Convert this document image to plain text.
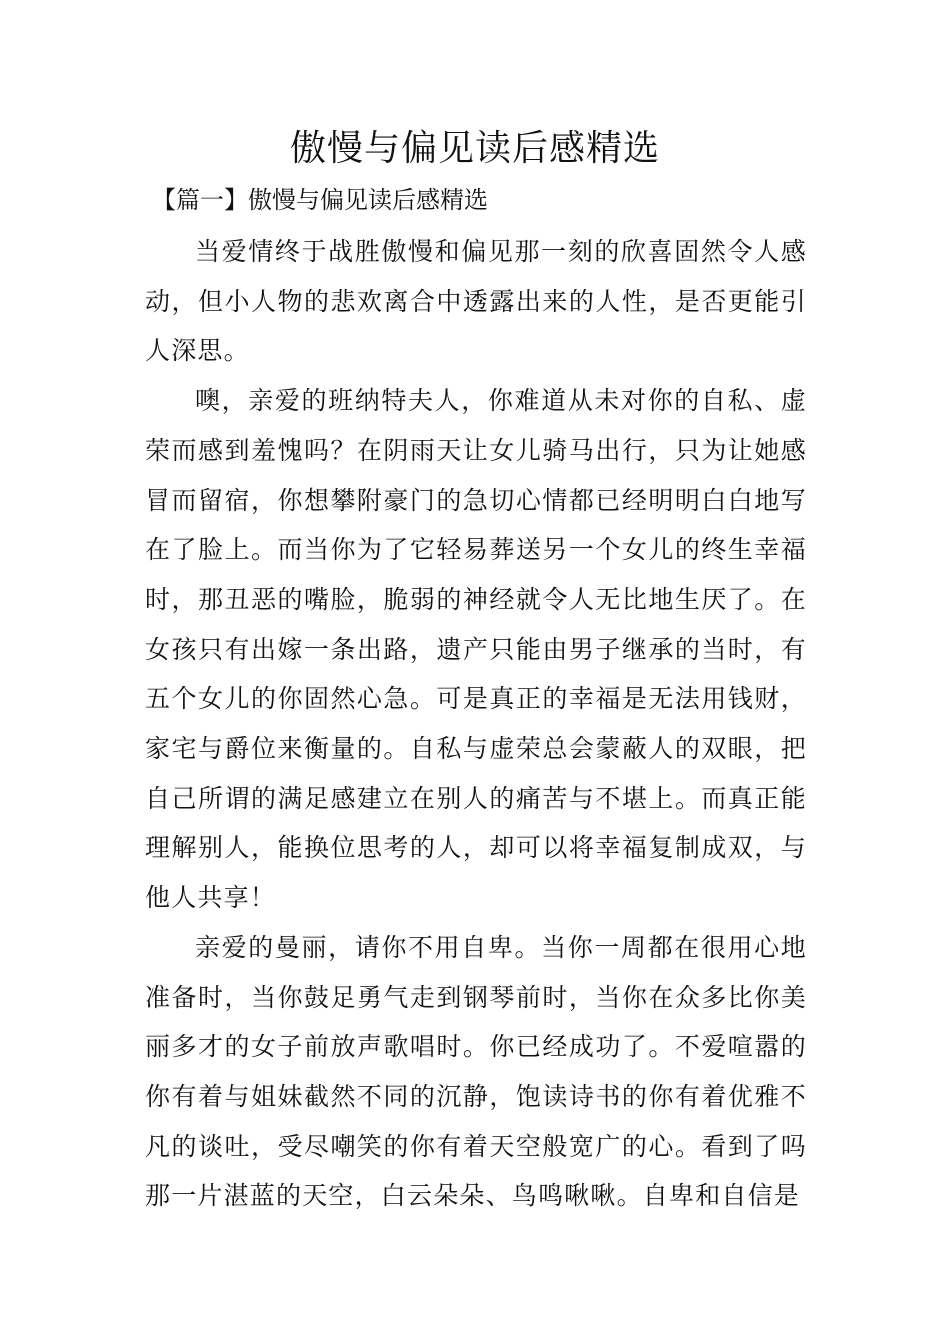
傲慢与偏见读后感精选
【篇一】傲慢与偏见读后感精选

当爱情终于战胜傲慢和偏见那一刻的欣喜固然令人感动，但小人物的悲欢离合中透露出来的人性，是否更能引人深思。

噢，亲爱的班纳特夫人，你难道从未对你的自私、虚荣而感到羞愧吗？在阴雨天让女儿骑马出行，只为让她感冒而留宿，你想攀附豪门的急切心情都已经明明白白地写在了脸上。而当你为了它轻易葬送另一个女儿的终生幸福时，那丑恶的嘴脸，脆弱的神经就令人无比地生厌了。在女孩只有出嫁一条出路，遗产只能由男子继承的当时，有五个女儿的你固然心急。可是真正的幸福是无法用钱财，家宅与爵位来衡量的。自私与虚荣总会蒙蔽人的双眼，把自己所谓的满足感建立在别人的痛苦与不堪上。而真正能理解别人，能换位思考的人，却可以将幸福复制成双，与他人共享！

亲爱的曼丽，请你不用自卑。当你一周都在很用心地准备时，当你鼓足勇气走到钢琴前时，当你在众多比你美丽多才的女子前放声歌唱时。你已经成功了。不爱喧嚣的你有着与姐妹截然不同的沉静，饱读诗书的你有着优雅不凡的谈吐，受尽嘲笑的你有着天空般宽广的心。看到了吗那一片湛蓝的天空，白云朵朵、鸟鸣啾啾。自卑和自信是
